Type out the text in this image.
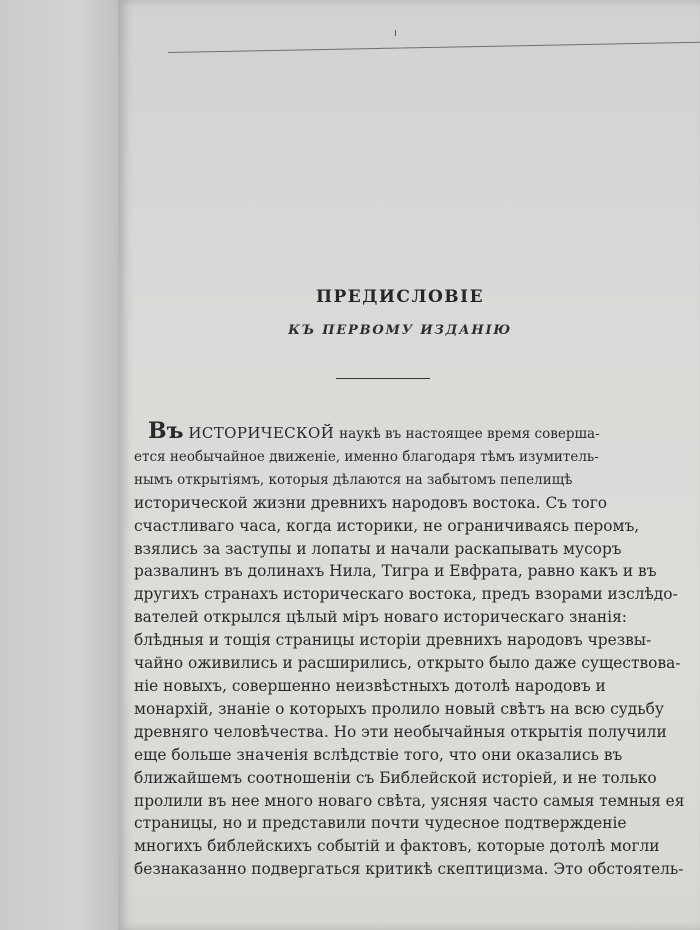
ПРЕДИСЛОВІЕ
КЪ ПЕРВОМУ ИЗДАНІЮ
Въ ИСТОРИЧЕСКОЙ наукѣ въ настоящее время соверша-
ется необычайное движеніе, именно благодаря тѣмъ изумитель-
нымъ открытіямъ, которыя дѣлаются на забытомъ пепелищѣ
исторической жизни древнихъ народовъ востока. Съ того
счастливаго часа, когда историки, не ограничиваясь перомъ,
взялись за заступы и лопаты и начали раскапывать мусоръ
развалинъ въ долинахъ Нила, Тигра и Евфрата, равно какъ и въ
другихъ странахъ историческаго востока, предъ взорами изслѣдо-
вателей открылся цѣлый міръ новаго историческаго знанія:
блѣдныя и тощія страницы исторіи древнихъ народовъ чрезвы-
чайно оживились и расширились, открыто было даже существова-
ніе новыхъ, совершенно неизвѣстныхъ дотолѣ народовъ и
монархій, знаніе о которыхъ пролило новый свѣтъ на всю судьбу
древняго человѣчества. Но эти необычайныя открытія получили
еще больше значенія вслѣдствіе того, что они оказались въ
ближайшемъ соотношеніи съ Библейской исторіей, и не только
пролили въ нее много новаго свѣта, уясняя часто самыя темныя ея
страницы, но и представили почти чудесное подтвержденіе
многихъ библейскихъ событій и фактовъ, которые дотолѣ могли
безнаказанно подвергаться критикѣ скептицизма. Это обстоятель-
